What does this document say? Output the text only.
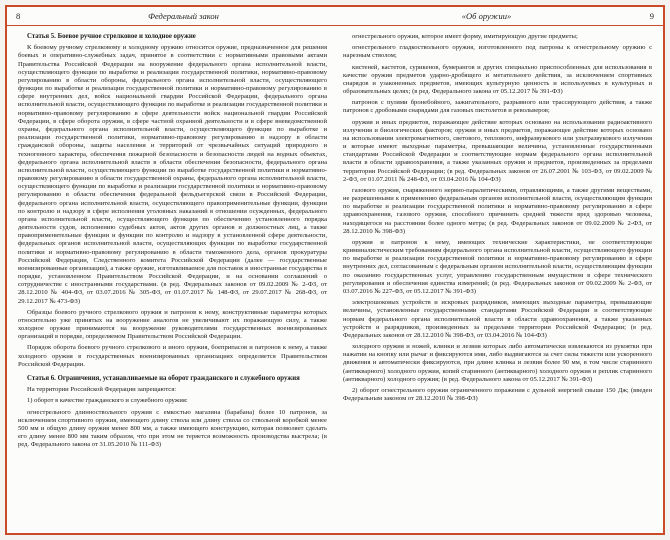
8	Федеральный закон	«Об оружии»	9
Статья 5. Боевое ручное стрелковое и холодное оружие

К боевому ручному стрелковому и холодному оружию относится оружие, предназначенное для решения боевых и оперативно-служебных задач, принятое в соответствии с нормативными правовыми актами Правительства Российской Федерации на вооружение федерального органа исполнительной власти, осуществляющего функции по выработке и реализации государственной политики, нормативно-правовому регулированию в области обороны, федерального органа исполнительной власти, осуществляющего функции по выработке и реализации государственной политики и нормативно-правовому регулированию в сфере внутренних дел, войск национальной гвардии Российской Федерации, федерального органа исполнительной власти, осуществляющего функции по выработке и реализации государственной политики и нормативно-правовому регулированию в сфере деятельности войск национальной гвардии Российской Федерации, в сфере оборота оружия, в сфере частной охранной деятельности и в сфере вневедомственной охраны, федерального органа исполнительной власти, осуществляющего функции по выработке и реализации государственной политики, нормативно-правовому регулированию и надзору в области гражданской обороны, защиты населения и территорий от чрезвычайных ситуаций природного и техногенного характера, обеспечения пожарной безопасности и безопасности людей на водных объектах, федерального органа исполнительной власти в области обеспечения безопасности, федерального органа исполнительной власти, осуществляющего функции по выработке государственной политики и нормативно-правовому регулированию в области государственной охраны, федерального органа исполнительной власти, осуществляющего функции по выработке и реализации государственной политики и нормативно-правовому регулированию в области обеспечения федеральной фельдъегерской связи в Российской Федерации, федерального органа исполнительной власти, осуществляющего правоприменительные функции, функции по контролю и надзору в сфере исполнения уголовных наказаний в отношении осужденных, федерального органа исполнительной власти, осуществляющего функции по обеспечению установленного порядка деятельности судов, исполнению судебных актов, актов других органов и должностных лиц, а также правоприменительные функции и функции по контролю и надзору в установленной сфере деятельности, федеральных органов исполнительной власти, осуществляющих функции по выработке государственной политики и нормативно-правовому регулированию в области таможенного дела, органов прокуратуры Российской Федерации, Следственного комитета Российской Федерации (далее — государственные военизированные организации), а также оружие, изготавливаемое для поставок в иностранные государства в порядке, установленном Правительством Российской Федерации, и на основании соглашений о сотрудничестве с иностранными государствами. (в ред. Федеральных законов от 09.02.2009 № 2-ФЗ, от 28.12.2010 № 404-ФЗ, от 03.07.2016 № 305-ФЗ, от 01.07.2017 № 148-ФЗ, от 29.07.2017 № 268-ФЗ, от 29.12.2017 № 473-ФЗ)

Образцы боевого ручного стрелкового оружия и патронов к нему, конструктивные параметры которых относительно уже принятых на вооружение аналогов не увеличивают их поражающую силу, а также холодное оружие принимаются на вооружение руководителями государственных военизированных организаций в порядке, определяемом Правительством Российской Федерации.

Порядок оборота боевого ручного стрелкового и иного оружия, боеприпасов и патронов к нему, а также холодного оружия в государственных военизированных организациях определяется Правительством Российской Федерации.

Статья 6. Ограничения, устанавливаемые на оборот гражданского и служебного оружия

На территории Российской Федерации запрещаются:

1) оборот в качестве гражданского и служебного оружия:

огнестрельного длинноствольного оружия с емкостью магазина (барабана) более 10 патронов, за исключением спортивного оружия, имеющего длину ствола или длину ствола со ствольной коробкой менее 500 мм и общую длину оружия менее 800 мм, а также имеющего конструкцию, которая позволяет сделать его длину менее 800 мм таким образом, что при этом не теряется возможность производства выстрела; (в ред. Федерального закона от 31.05.2010 № 111-ФЗ)

огнестрельного оружия, которое имеет форму, имитирующую другие предметы;

огнестрельного гладкоствольного оружия, изготовленного под патроны к огнестрельному оружию с нарезным стволом;

кистеней, кастетов, сурикенов, бумерангов и других специально приспособленных для использования в качестве оружия предметов ударно-дробящего и метательного действия, за исключением спортивных снарядов и узаконенных предметов, имеющих культурную ценность и используемых в культурных и образовательных целях; (в ред. Федерального закона от 05.12.2017 № 391-ФЗ)

патронов с пулями бронебойного, зажигательного, разрывного или трассирующего действия, а также патронов с дробовыми снарядами для газовых пистолетов и револьверов;

оружия и иных предметов, поражающее действие которых основано на использовании радиоактивного излучения и биологических факторов; оружия и иных предметов, поражающее действие которых основано на использовании электромагнитного, светового, теплового, инфразвукового или ультразвукового излучения и которые имеют выходные параметры, превышающие величины, установленные государственными стандартами Российской Федерации и соответствующие нормам федерального органа исполнительной власти в области здравоохранения, а также указанных оружия и предметов, произведенных за пределами территории Российской Федерации; (в ред. Федеральных законов от 26.07.2001 № 103-ФЗ, от 09.02.2009 № 2-ФЗ, от 01.07.2011 № 248-ФЗ, от 03.04.2016 № 104-ФЗ)

газового оружия, снаряженного нервно-паралитическими, отравляющими, а также другими веществами, не разрешенными к применению федеральным органом исполнительной власти, осуществляющим функции по выработке и реализации государственной политики и нормативно-правовому регулированию в сфере здравоохранения, газового оружия, способного причинить средней тяжести вред здоровью человека, находящегося на расстоянии более одного метра; (в ред. Федеральных законов от 09.02.2009 № 2-ФЗ, от 28.12.2010 № 398-ФЗ)

оружия и патронов к нему, имеющих технические характеристики, не соответствующие криминалистическим требованиям федерального органа исполнительной власти, осуществляющего функции по выработке и реализации государственной политики и нормативно-правовому регулированию в сфере внутренних дел, согласованным с федеральным органом исполнительной власти, осуществляющим функции по оказанию государственных услуг, управлению государственным имуществом в сфере технического регулирования и обеспечения единства измерений; (в ред. Федеральных законов от 09.02.2009 № 2-ФЗ, от 03.07.2016 № 227-ФЗ, от 05.12.2017 № 391-ФЗ)

электрошоковых устройств и искровых разрядников, имеющих выходные параметры, превышающие величины, установленные государственными стандартами Российской Федерации и соответствующие нормам федерального органа исполнительной власти в области здравоохранения, а также указанных устройств и разрядников, произведенных за пределами территории Российской Федерации; (в ред. Федеральных законов от 28.12.2010 № 398-ФЗ, от 03.04.2016 № 104-ФЗ)

холодного оружия и ножей, клинки и лезвия которых либо автоматически извлекаются из рукоятки при нажатии на кнопку или рычаг и фиксируются ими, либо выдвигаются за счет силы тяжести или ускоренного движения и автоматически фиксируются, при длине клинка и лезвия более 90 мм, в том числе старинного (антикварного) холодного оружия, копий старинного (антикварного) холодного оружия и реплик старинного (антикварного) холодного оружия; (в ред. Федерального закона от 05.12.2017 № 391-ФЗ)

2) оборот огнестрельного оружия ограниченного поражения с дульной энергией свыше 150 Дж; (введен Федеральным законом от 28.12.2010 № 398-ФЗ)
